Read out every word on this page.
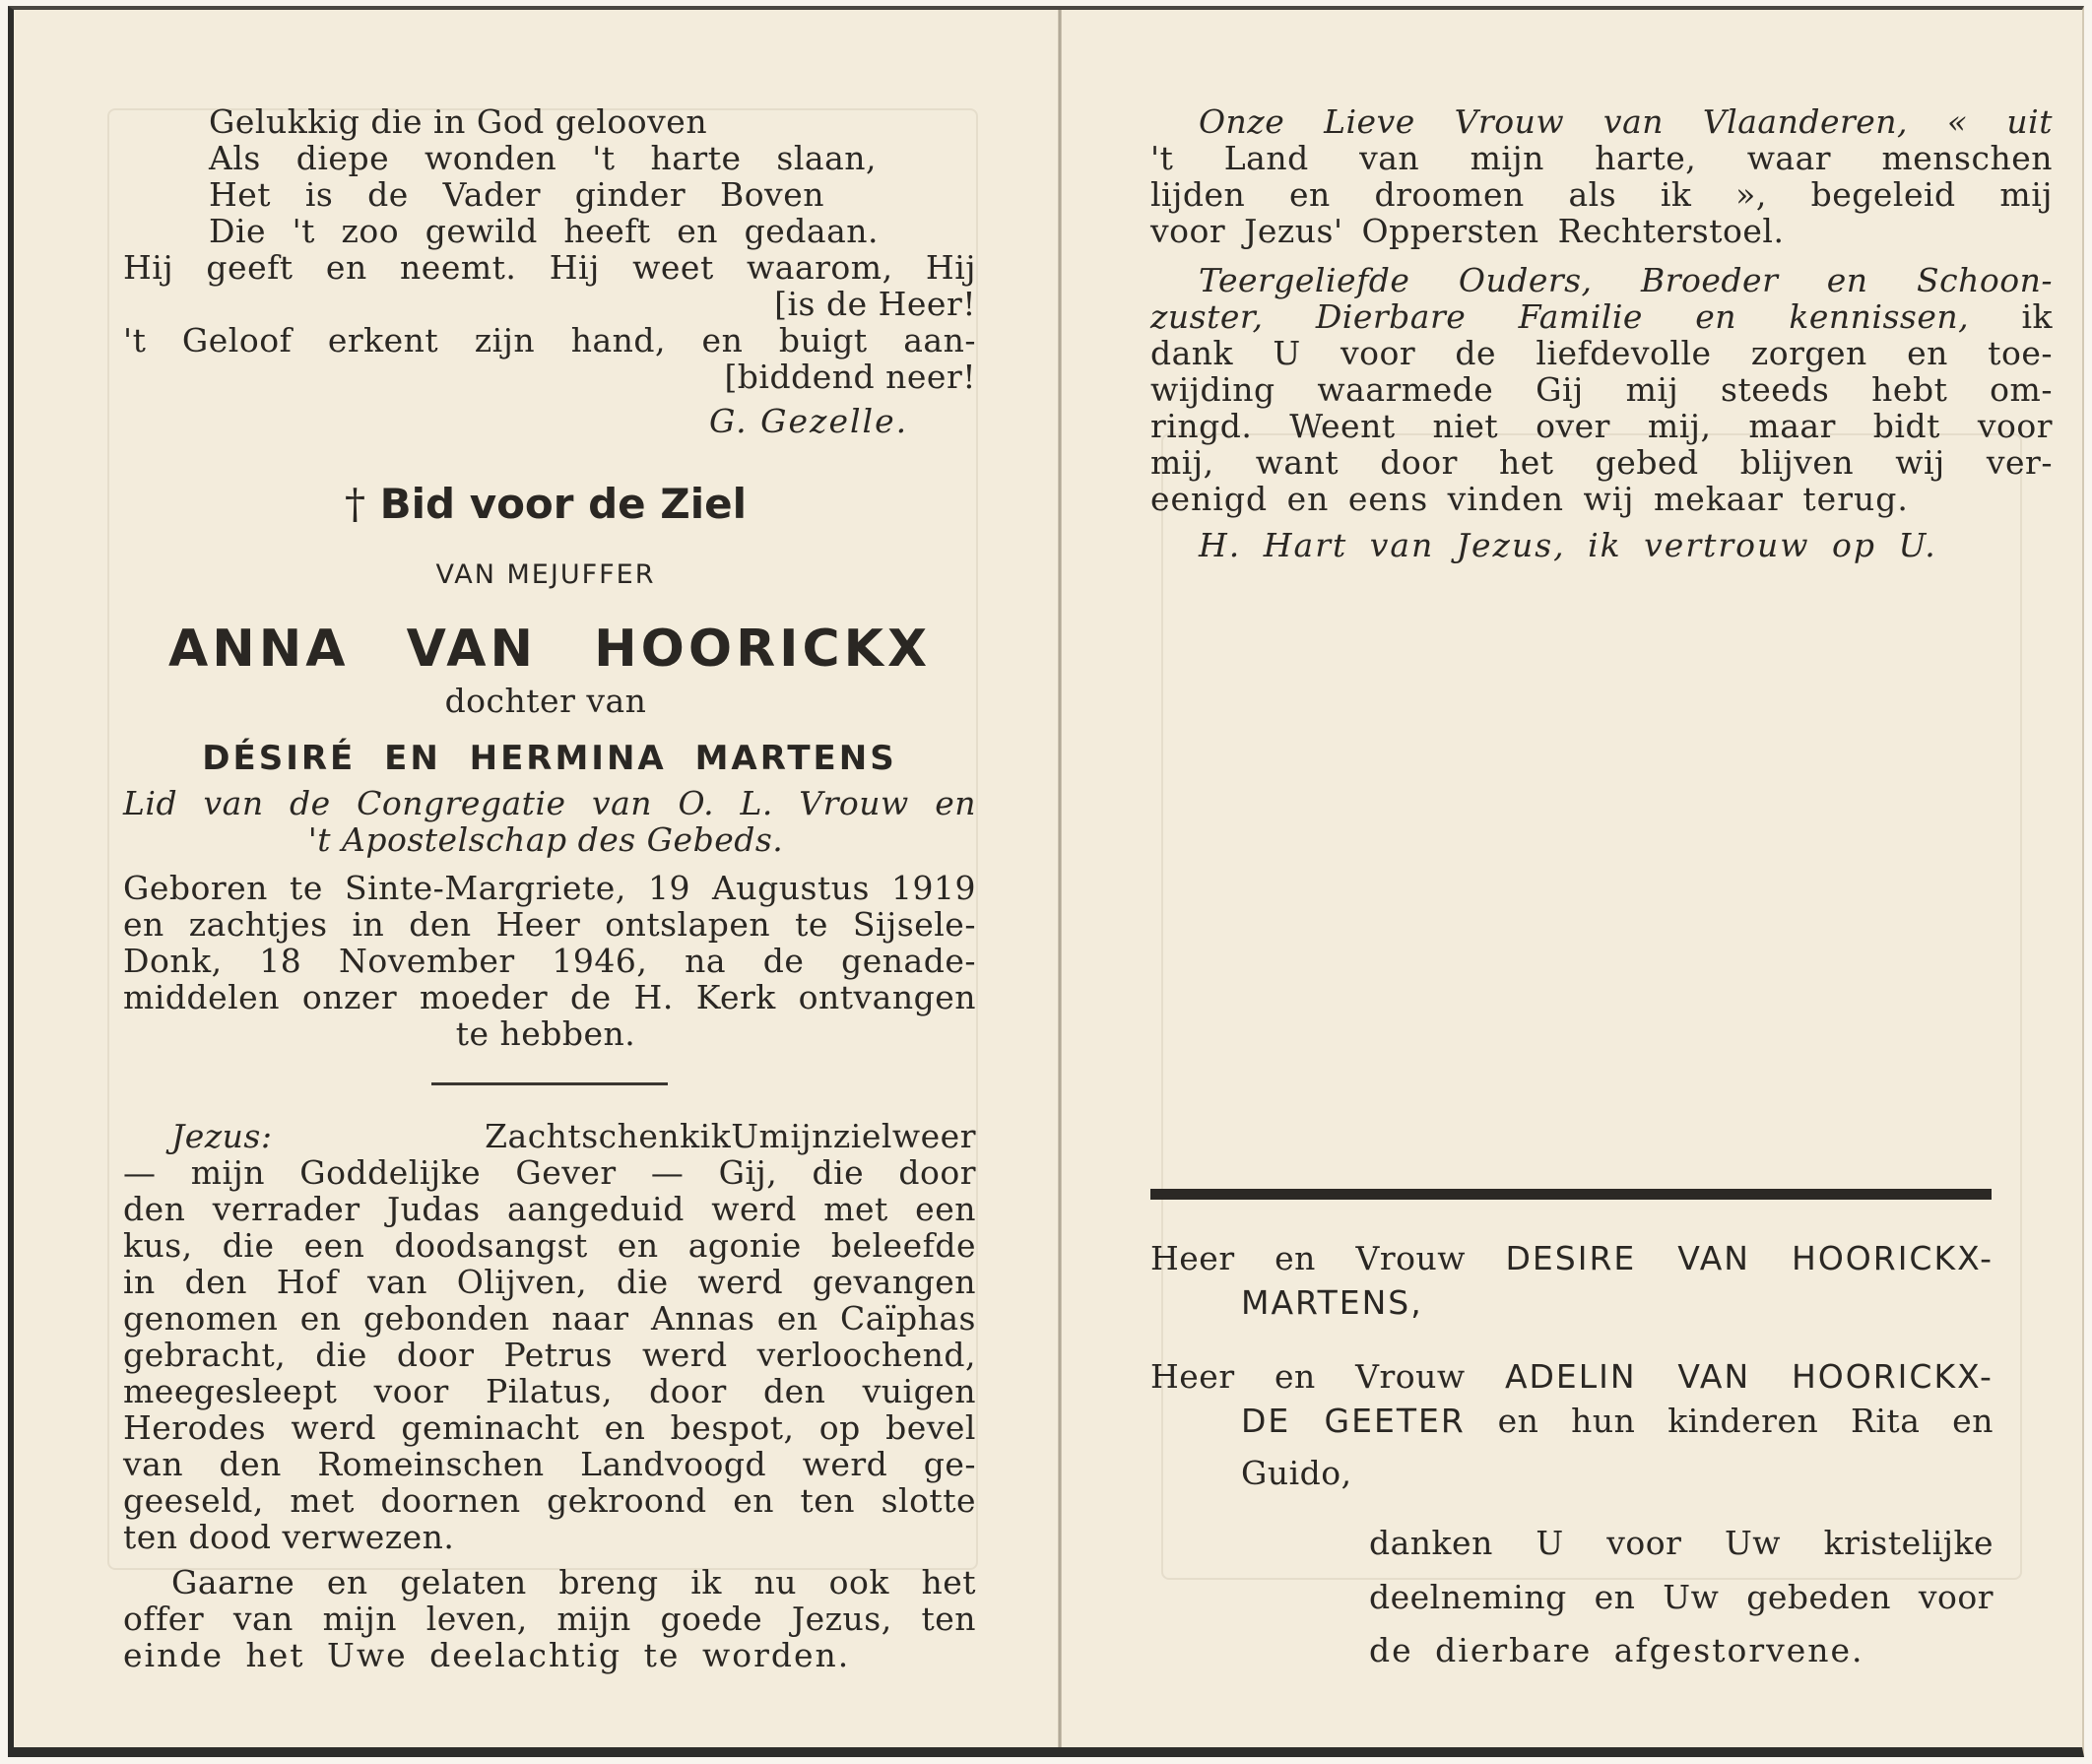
Gelukkig die in God gelooven
Als diepe wonden 't harte slaan,
Het is de Vader ginder Boven
Die 't zoo gewild heeft en gedaan.
Hij geeft en neemt. Hij weet waarom, Hij
[is de Heer!
't Geloof erkent zijn hand, en buigt aan-
[biddend neer!
G. Gezelle.
† Bid voor de Ziel
VAN MEJUFFER
ANNA VAN HOORICKX
dochter van
DÉSIRÉ EN HERMINA MARTENS
Lid van de Congregatie van O. L. Vrouw en
't Apostelschap des Gebeds.
Geboren te Sinte-Margriete, 19 Augustus 1919
en zachtjes in den Heer ontslapen te Sijsele-
Donk, 18 November 1946, na de genade-
middelen onzer moeder de H. Kerk ontvangen
te hebben.
Jezus:	ZachtschenkikUmijnzielweer
— mijn Goddelijke Gever — Gij, die door
den verrader Judas aangeduid werd met een
kus, die een doodsangst en agonie beleefde
in den Hof van Olijven, die werd gevangen
genomen en gebonden naar Annas en Caïphas
gebracht, die door Petrus werd verloochend,
meegesleept voor Pilatus, door den vuigen
Herodes werd geminacht en bespot, op bevel
van den Romeinschen Landvoogd werd ge-
geeseld, met doornen gekroond en ten slotte
ten dood verwezen.
Gaarne en gelaten breng ik nu ook het
offer van mijn leven, mijn goede Jezus, ten
einde het Uwe deelachtig te worden.
Onze Lieve Vrouw van Vlaanderen, « uit
't Land van mijn harte, waar menschen
lijden en droomen als ik », begeleid mij
voor Jezus' Oppersten Rechterstoel.
Teergeliefde Ouders, Broeder en Schoon-
zuster, Dierbare Familie en kennissen, ik
dank U voor de liefdevolle zorgen en toe-
wijding waarmede Gij mij steeds hebt om-
ringd. Weent niet over mij, maar bidt voor
mij, want door het gebed blijven wij ver-
eenigd en eens vinden wij mekaar terug.
H. Hart van Jezus, ik vertrouw op U.
Heer en Vrouw DESIRE VAN HOORICKX-
MARTENS,
Heer en Vrouw ADELIN VAN HOORICKX-
DE GEETER en hun kinderen Rita en
Guido,
danken U voor Uw kristelijke
deelneming en Uw gebeden voor
de dierbare afgestorvene.
